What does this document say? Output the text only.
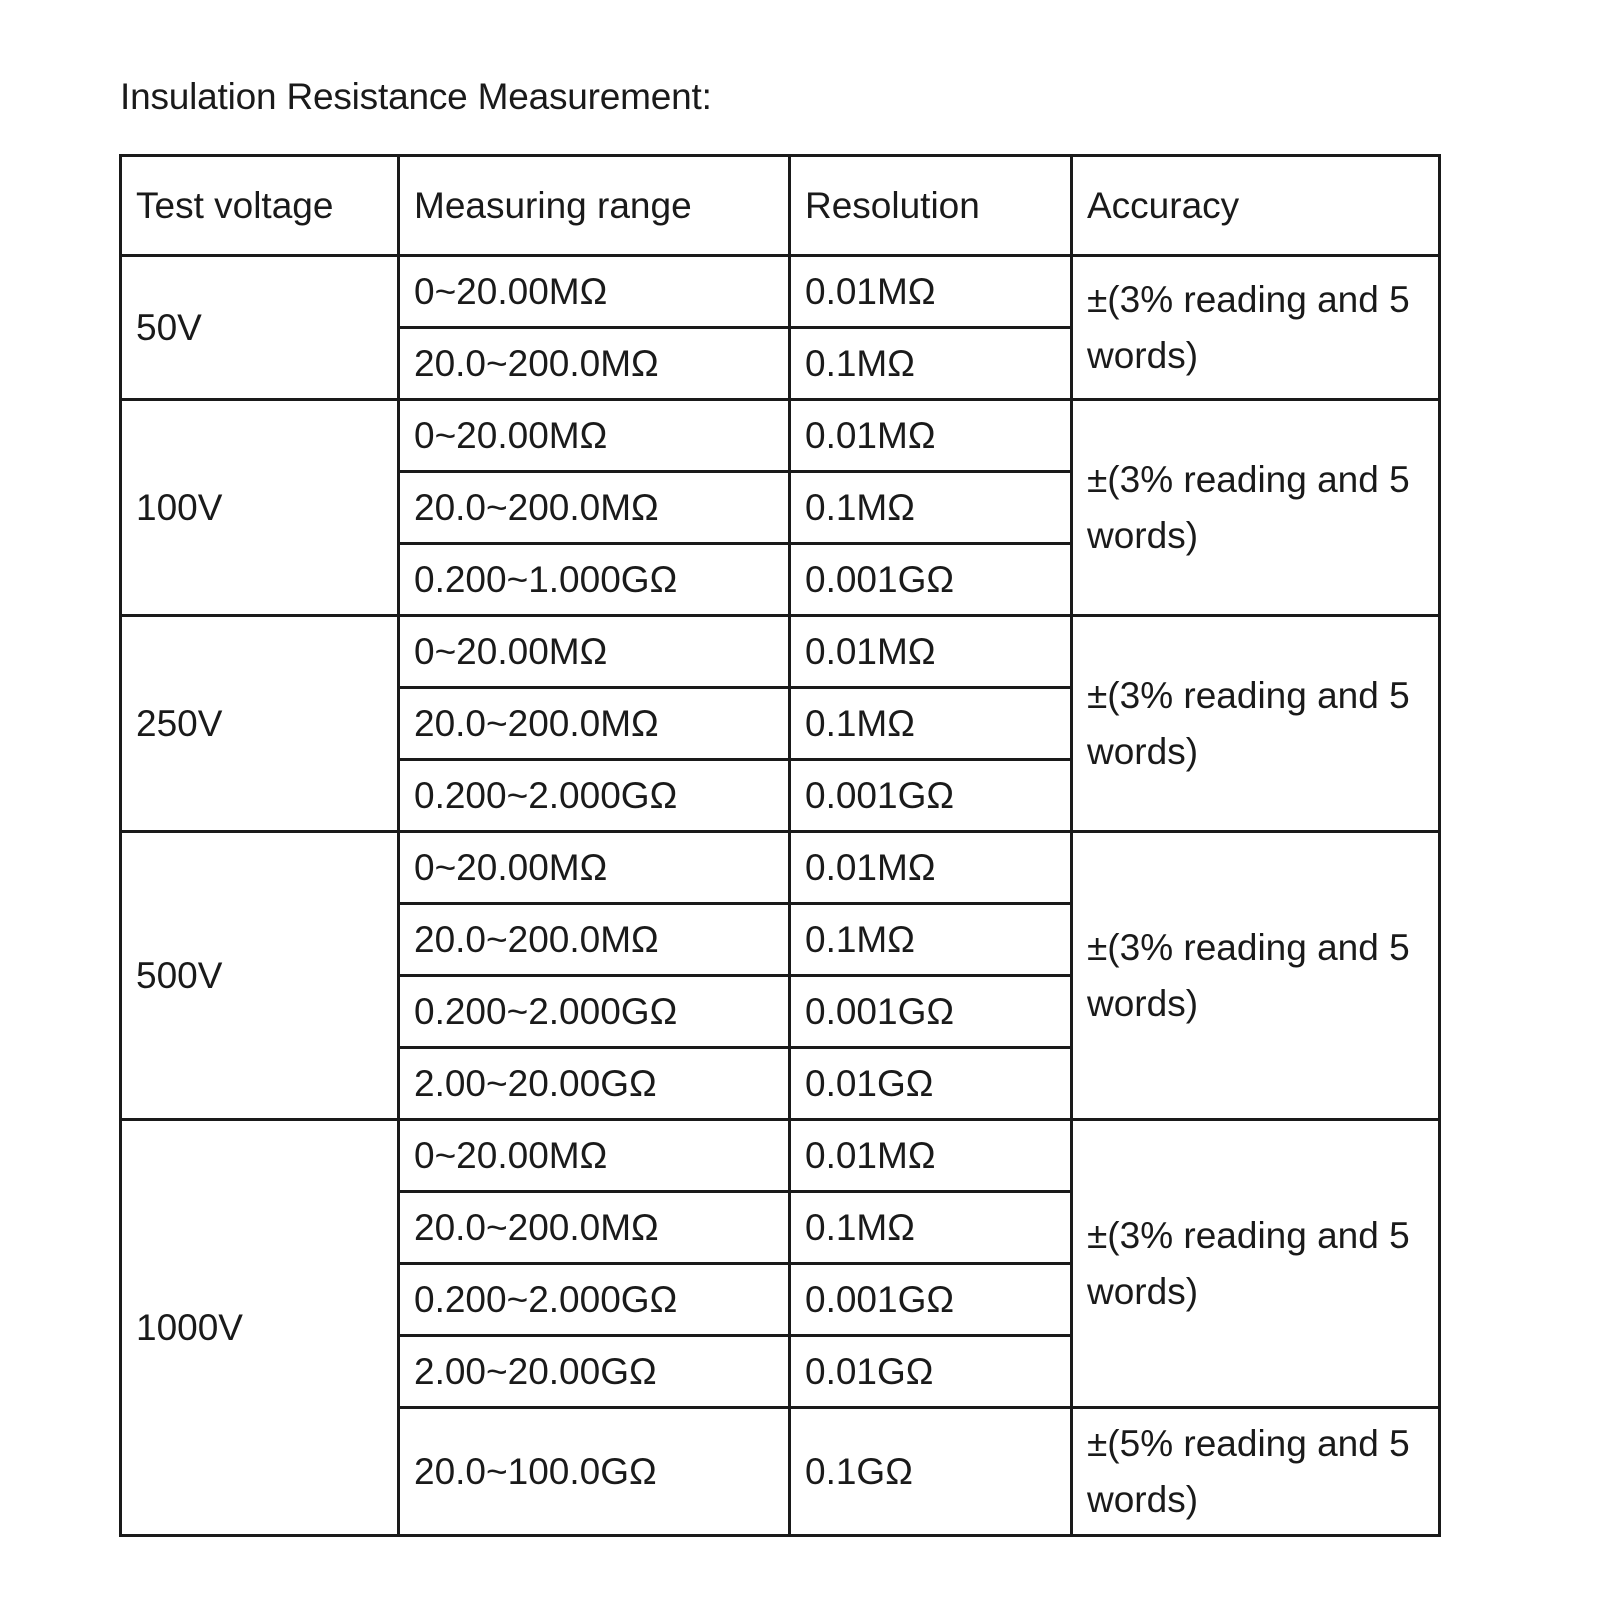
Insulation Resistance Measurement:
Test voltage	Measuring range	Resolution	Accuracy
50V	0~20.00MΩ	0.01MΩ	±(3% reading and 5 words)
	20.0~200.0MΩ	0.1MΩ	
100V	0~20.00MΩ	0.01MΩ	±(3% reading and 5 words)
	20.0~200.0MΩ	0.1MΩ	
	0.200~1.000GΩ	0.001GΩ	
250V	0~20.00MΩ	0.01MΩ	±(3% reading and 5 words)
	20.0~200.0MΩ	0.1MΩ	
	0.200~2.000GΩ	0.001GΩ	
500V	0~20.00MΩ	0.01MΩ	±(3% reading and 5 words)
	20.0~200.0MΩ	0.1MΩ	
	0.200~2.000GΩ	0.001GΩ	
	2.00~20.00GΩ	0.01GΩ	
1000V	0~20.00MΩ	0.01MΩ	±(3% reading and 5 words)
	20.0~200.0MΩ	0.1MΩ	
	0.200~2.000GΩ	0.001GΩ	
	2.00~20.00GΩ	0.01GΩ	
	20.0~100.0GΩ	0.1GΩ	±(5% reading and 5 words)
